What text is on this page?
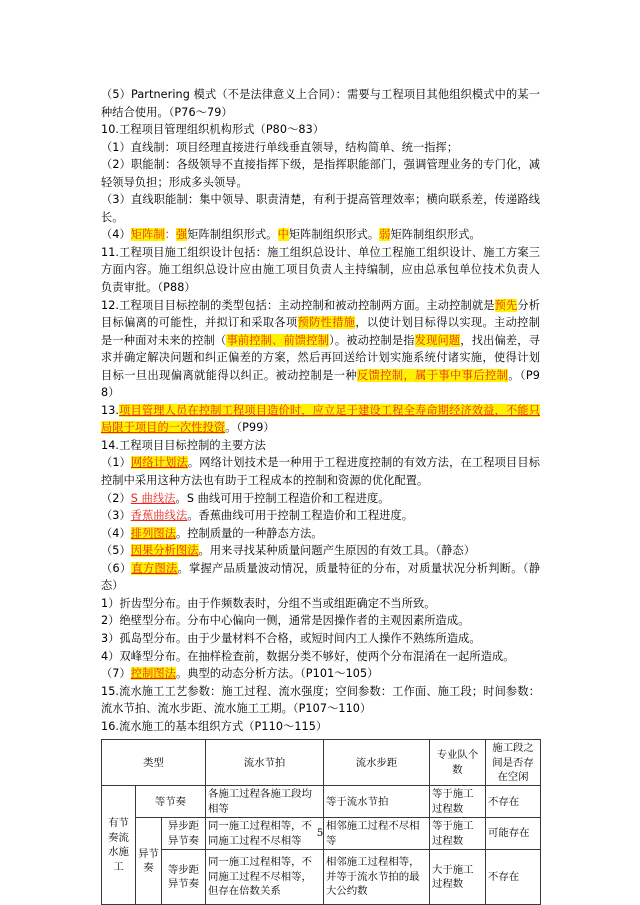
（5）Partnering 模式（不是法律意义上合同）：需要与工程项目其他组织模式中的某一种结合使用。（P76～79）

10.工程项目管理组织机构形式（P80～83）

（1）直线制：项目经理直接进行单线垂直领导，结构简单、统一指挥；

（2）职能制：各级领导不直接指挥下级，是指挥职能部门，强调管理业务的专门化，减轻领导负担；形成多头领导。

（3）直线职能制：集中领导、职责清楚，有利于提高管理效率；横向联系差，传递路线长。

（4）矩阵制：强矩阵制组织形式。中矩阵制组织形式。弱矩阵制组织形式。

11.工程项目施工组织设计包括：施工组织总设计、单位工程施工组织设计、施工方案三方面内容。施工组织总设计应由施工项目负责人主持编制，应由总承包单位技术负责人负责审批。（P88）

12.工程项目目标控制的类型包括：主动控制和被动控制两方面。主动控制就是预先分析目标偏离的可能性，并拟订和采取各项预防性措施，以使计划目标得以实现。主动控制是一种面对未来的控制（事前控制、前馈控制）。被动控制是指发现问题，找出偏差，寻求并确定解决问题和纠正偏差的方案，然后再回送给计划实施系统付诸实施，使得计划目标一旦出现偏离就能得以纠正。被动控制是一种反馈控制，属于事中事后控制。（P98）

13.项目管理人员在控制工程项目造价时，应立足于建设工程全寿命期经济效益，不能只局限于项目的一次性投资。（P99）

14.工程项目目标控制的主要方法

（1）网络计划法。网络计划技术是一种用于工程进度控制的有效方法，在工程项目目标控制中采用这种方法也有助于工程成本的控制和资源的优化配置。

（2）S 曲线法。S 曲线可用于控制工程造价和工程进度。

（3）香蕉曲线法。香蕉曲线可用于控制工程造价和工程进度。

（4）排列图法。控制质量的一种静态方法。

（5）因果分析图法。用来寻找某种质量问题产生原因的有效工具。（静态）

（6）直方图法。掌握产品质量波动情况，质量特征的分布，对质量状况分析判断。（静态）

1）折齿型分布。由于作频数表时，分组不当或组距确定不当所致。

2）绝壁型分布。分布中心偏向一侧，通常是因操作者的主观因素所造成。

3）孤岛型分布。由于少量材料不合格，或短时间内工人操作不熟练所造成。

4）双峰型分布。在抽样检查前，数据分类不够好，使两个分布混淆在一起所造成。

（7）控制图法。典型的动态分析方法。（P101～105）

15.流水施工工艺参数：施工过程、流水强度；空间参数：工作面、施工段；时间参数：流水节拍、流水步距、流水施工工期。（P107～110）

16.流水施工的基本组织方式（P110～115）

类型			流水节拍	流水步距	专业队个数	施工段之间是否存在空闲
有节奏流水施工	等节奏		各施工过程各施工段均相等	等于流水节拍	等于施工过程数	不存在
	异节奏	异步距异节奏	同一施工过程相等，不同施工过程不尽相等	相邻施工过程不尽相等	等于施工过程数	可能存在
		等步距异节奏	同一施工过程相等，不同施工过程不尽相等，但存在倍数关系	相邻施工过程相等，并等于流水节拍的最大公约数	大于施工过程数	不存在
5
